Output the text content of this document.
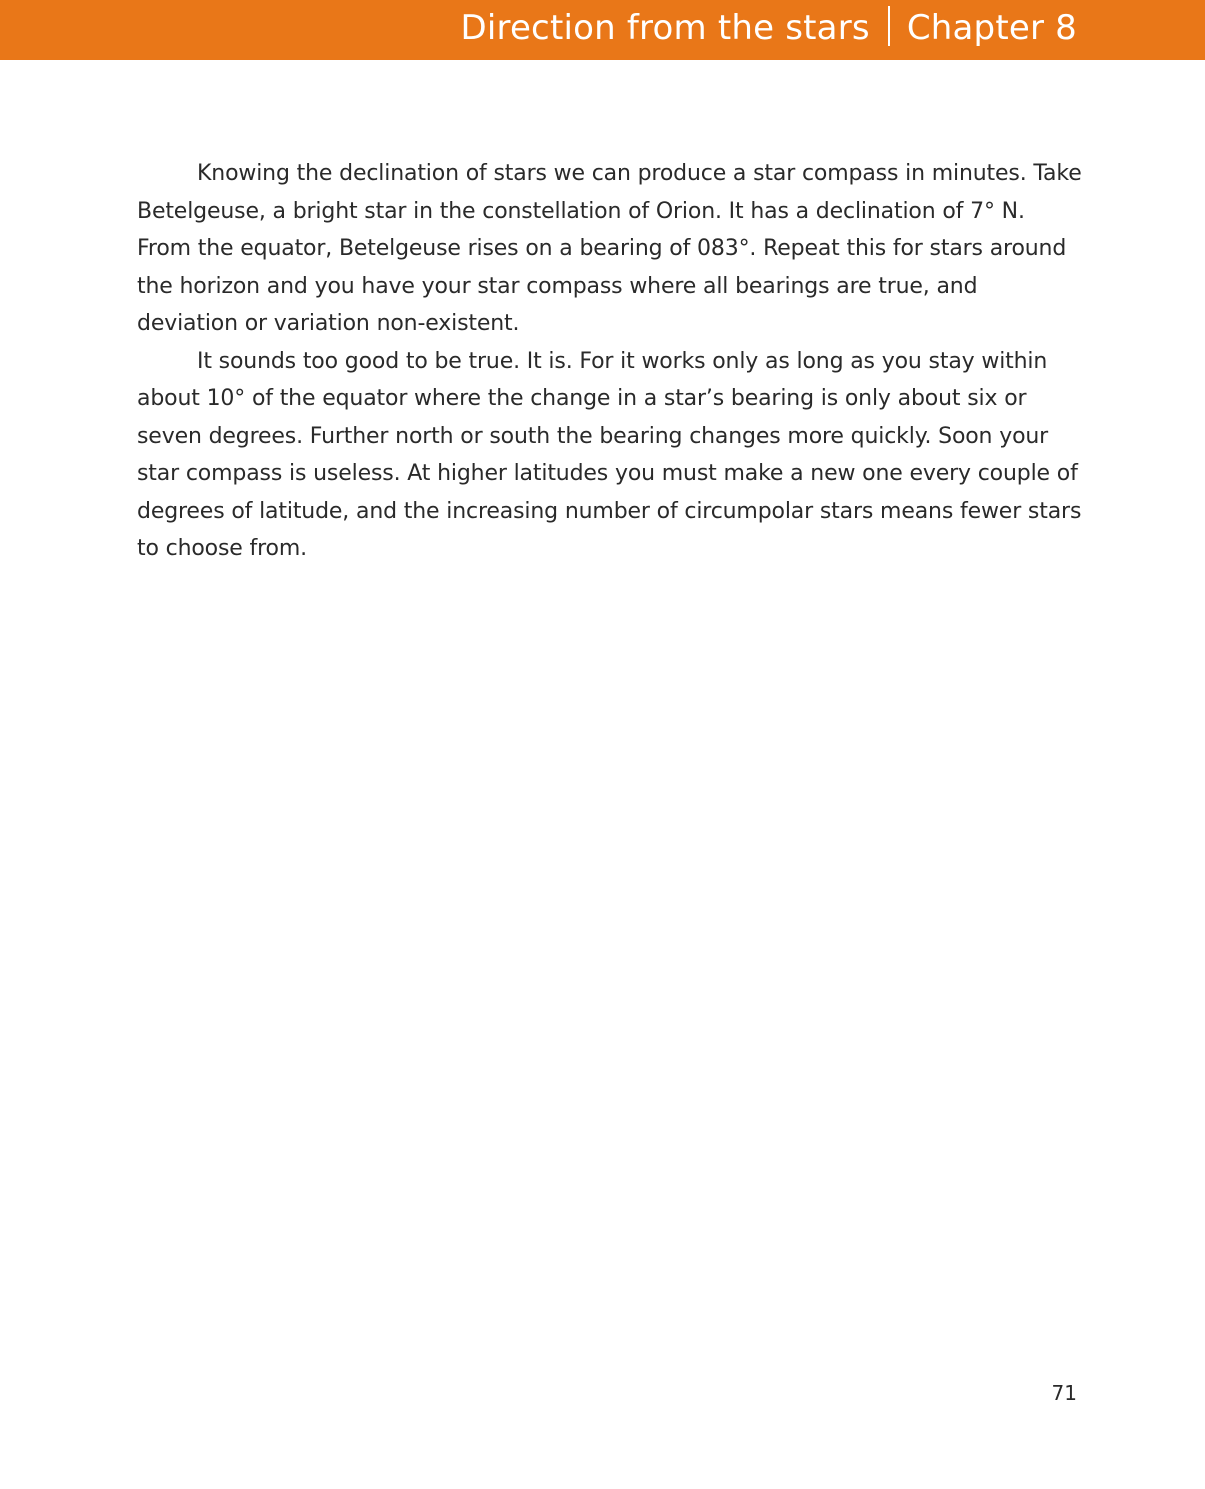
Direction from the stars Chapter 8

Knowing the declination of stars we can produce a star compass in minutes. Take Betelgeuse, a bright star in the constellation of Orion. It has a declination of 7° N. From the equator, Betelgeuse rises on a bearing of 083°. Repeat this for stars around the horizon and you have your star compass where all bearings are true, and deviation or variation non-existent.

It sounds too good to be true. It is. For it works only as long as you stay within about 10° of the equator where the change in a star’s bearing is only about six or seven degrees. Further north or south the bearing changes more quickly. Soon your star compass is useless. At higher latitudes you must make a new one every couple of degrees of latitude, and the increasing number of circumpolar stars means fewer stars to choose from.

71
